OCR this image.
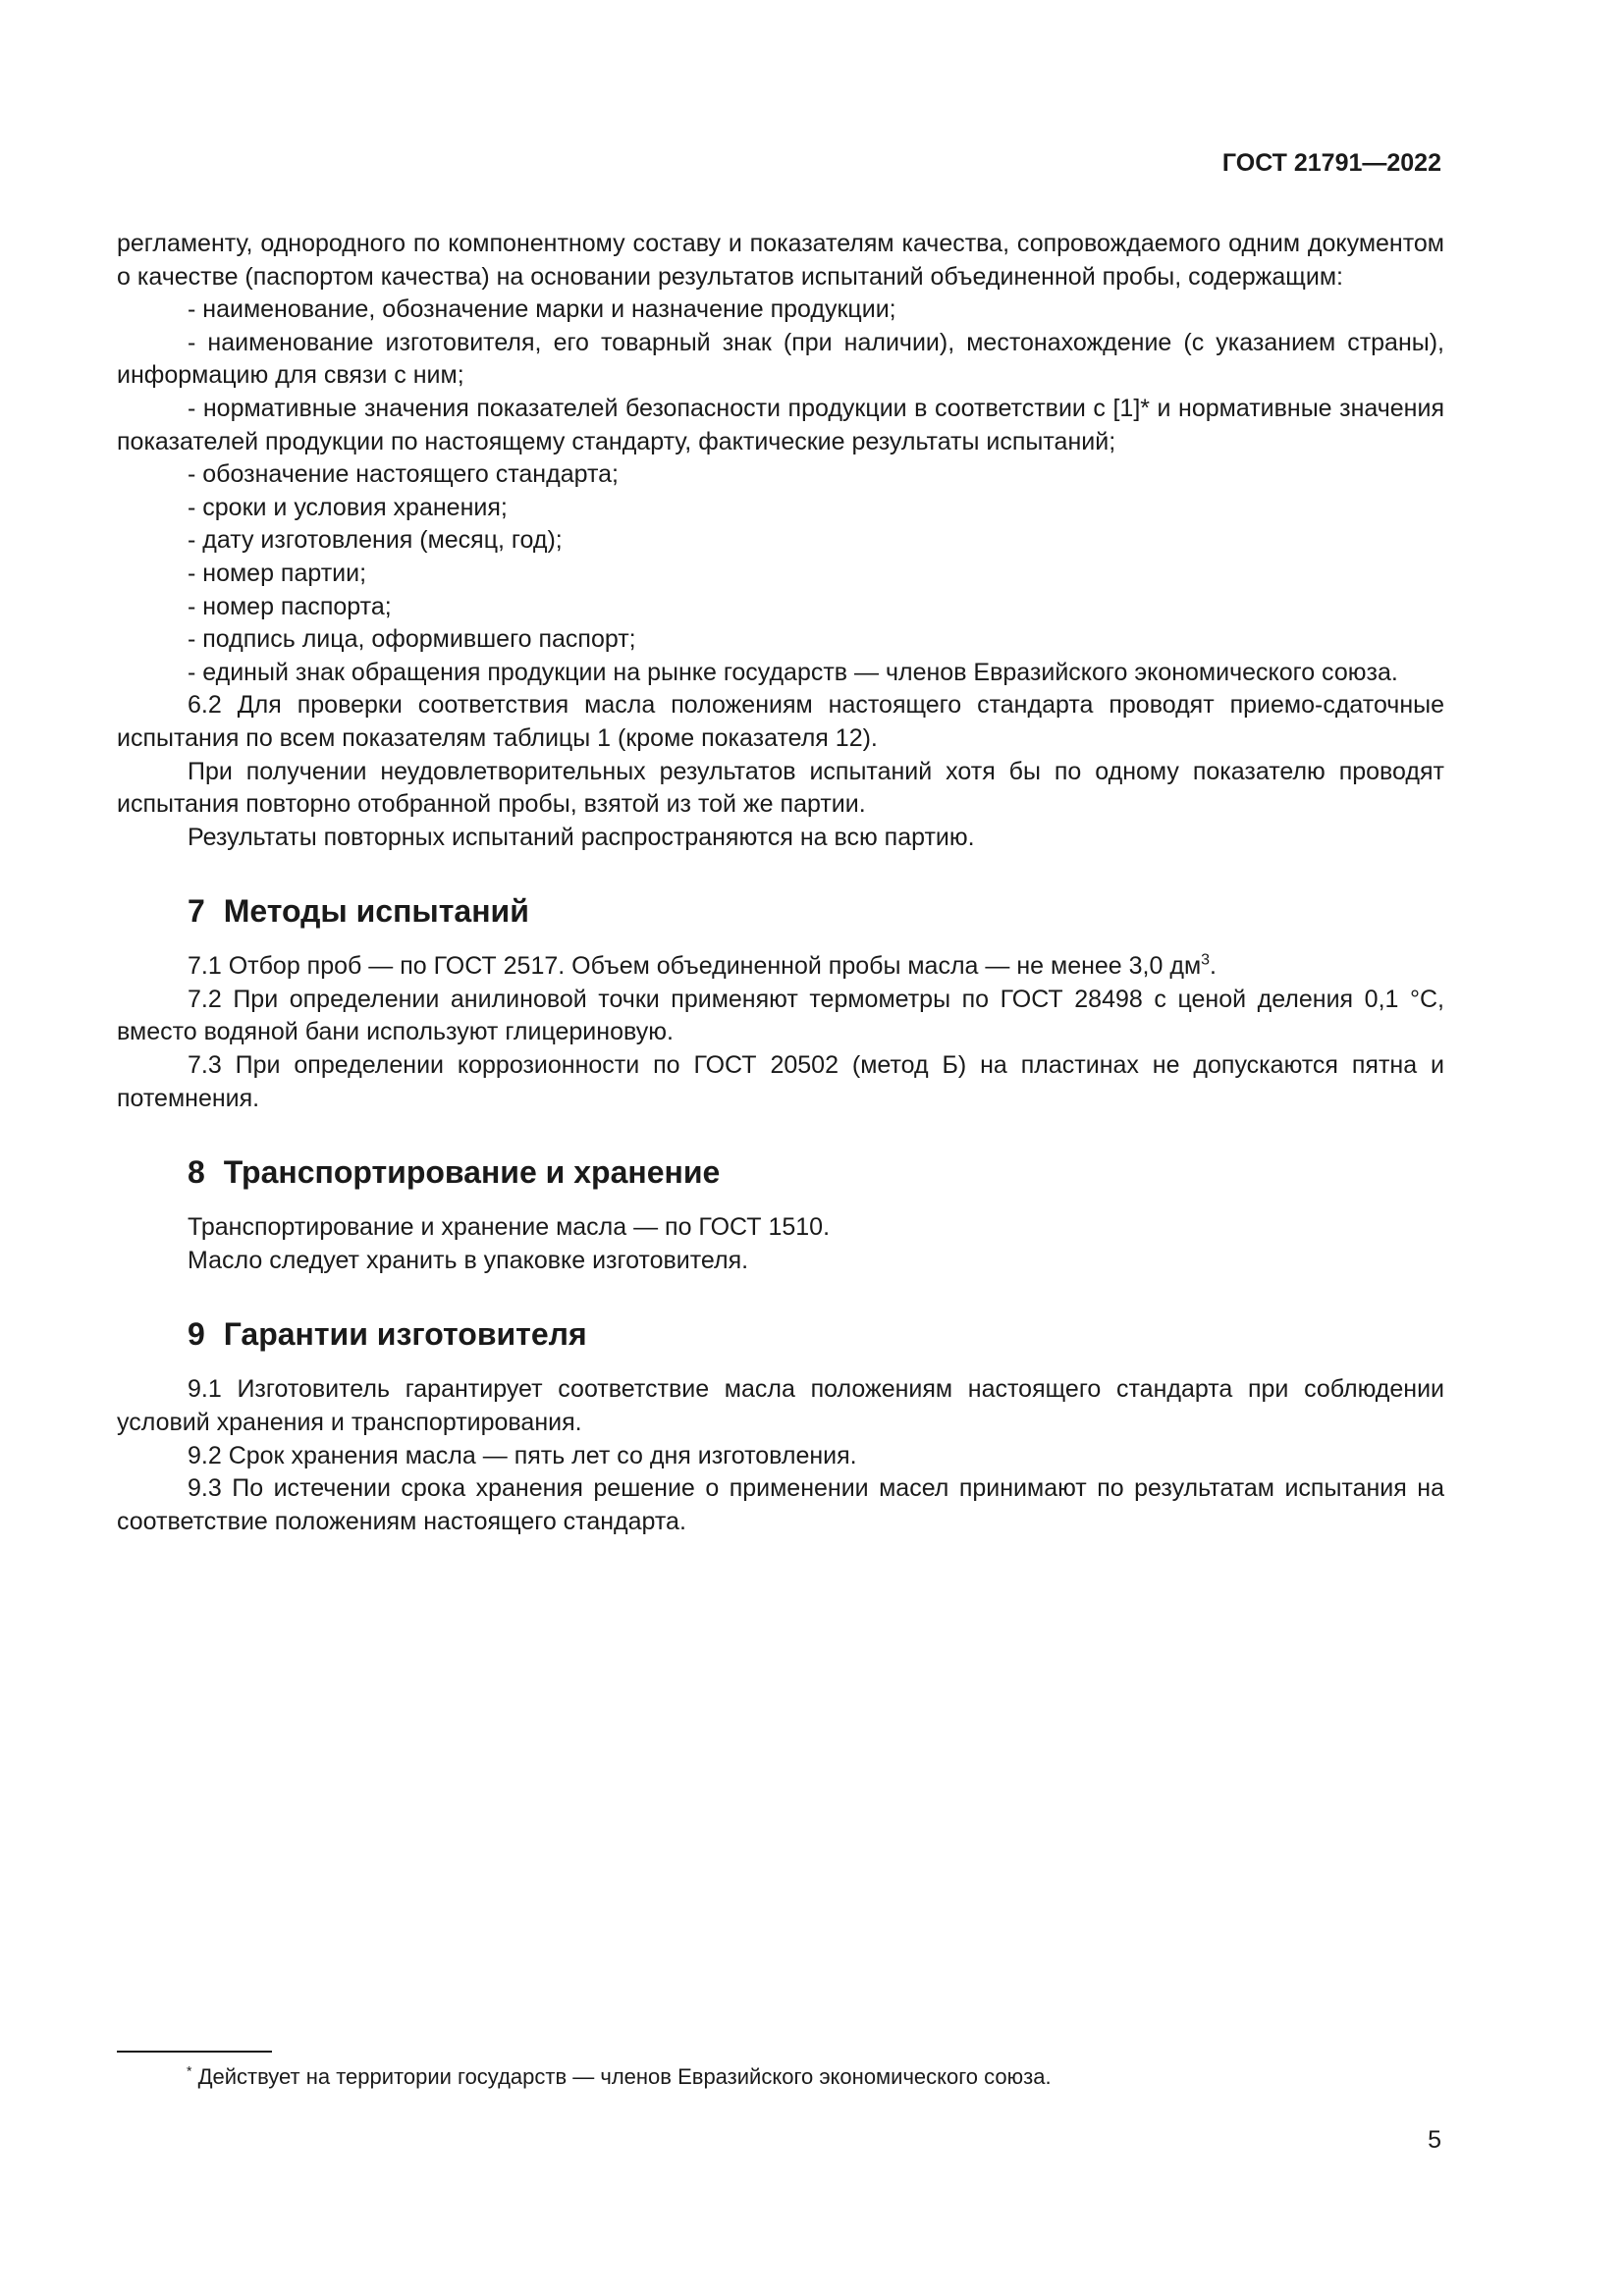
ГОСТ 21791—2022

регламенту, однородного по компонентному составу и показателям качества, сопровождаемого одним документом о качестве (паспортом качества) на основании результатов испытаний объединенной пробы, содержащим:

- наименование, обозначение марки и назначение продукции;

- наименование изготовителя, его товарный знак (при наличии), местонахождение (с указанием страны), информацию для связи с ним;

- нормативные значения показателей безопасности продукции в соответствии с [1]* и нормативные значения показателей продукции по настоящему стандарту, фактические результаты испытаний;

- обозначение настоящего стандарта;

- сроки и условия хранения;

- дату изготовления (месяц, год);

- номер партии;

- номер паспорта;

- подпись лица, оформившего паспорт;

- единый знак обращения продукции на рынке государств — членов Евразийского экономического союза.

6.2 Для проверки соответствия масла положениям настоящего стандарта проводят приемо-сдаточные испытания по всем показателям таблицы 1 (кроме показателя 12).

При получении неудовлетворительных результатов испытаний хотя бы по одному показателю проводят испытания повторно отобранной пробы, взятой из той же партии.

Результаты повторных испытаний распространяются на всю партию.

7 Методы испытаний

7.1 Отбор проб — по ГОСТ 2517. Объем объединенной пробы масла — не менее 3,0 $дм^3$.

7.2 При определении анилиновой точки применяют термометры по ГОСТ 28498 с ценой деления 0,1 °С, вместо водяной бани используют глицериновую.

7.3 При определении коррозионности по ГОСТ 20502 (метод Б) на пластинах не допускаются пятна и потемнения.

8 Транспортирование и хранение

Транспортирование и хранение масла — по ГОСТ 1510.

Масло следует хранить в упаковке изготовителя.

9 Гарантии изготовителя

9.1 Изготовитель гарантирует соответствие масла положениям настоящего стандарта при соблюдении условий хранения и транспортирования.

9.2 Срок хранения масла — пять лет со дня изготовления.

9.3 По истечении срока хранения решение о применении масел принимают по результатам испытания на соответствие положениям настоящего стандарта.

* Действует на территории государств — членов Евразийского экономического союза.
5
